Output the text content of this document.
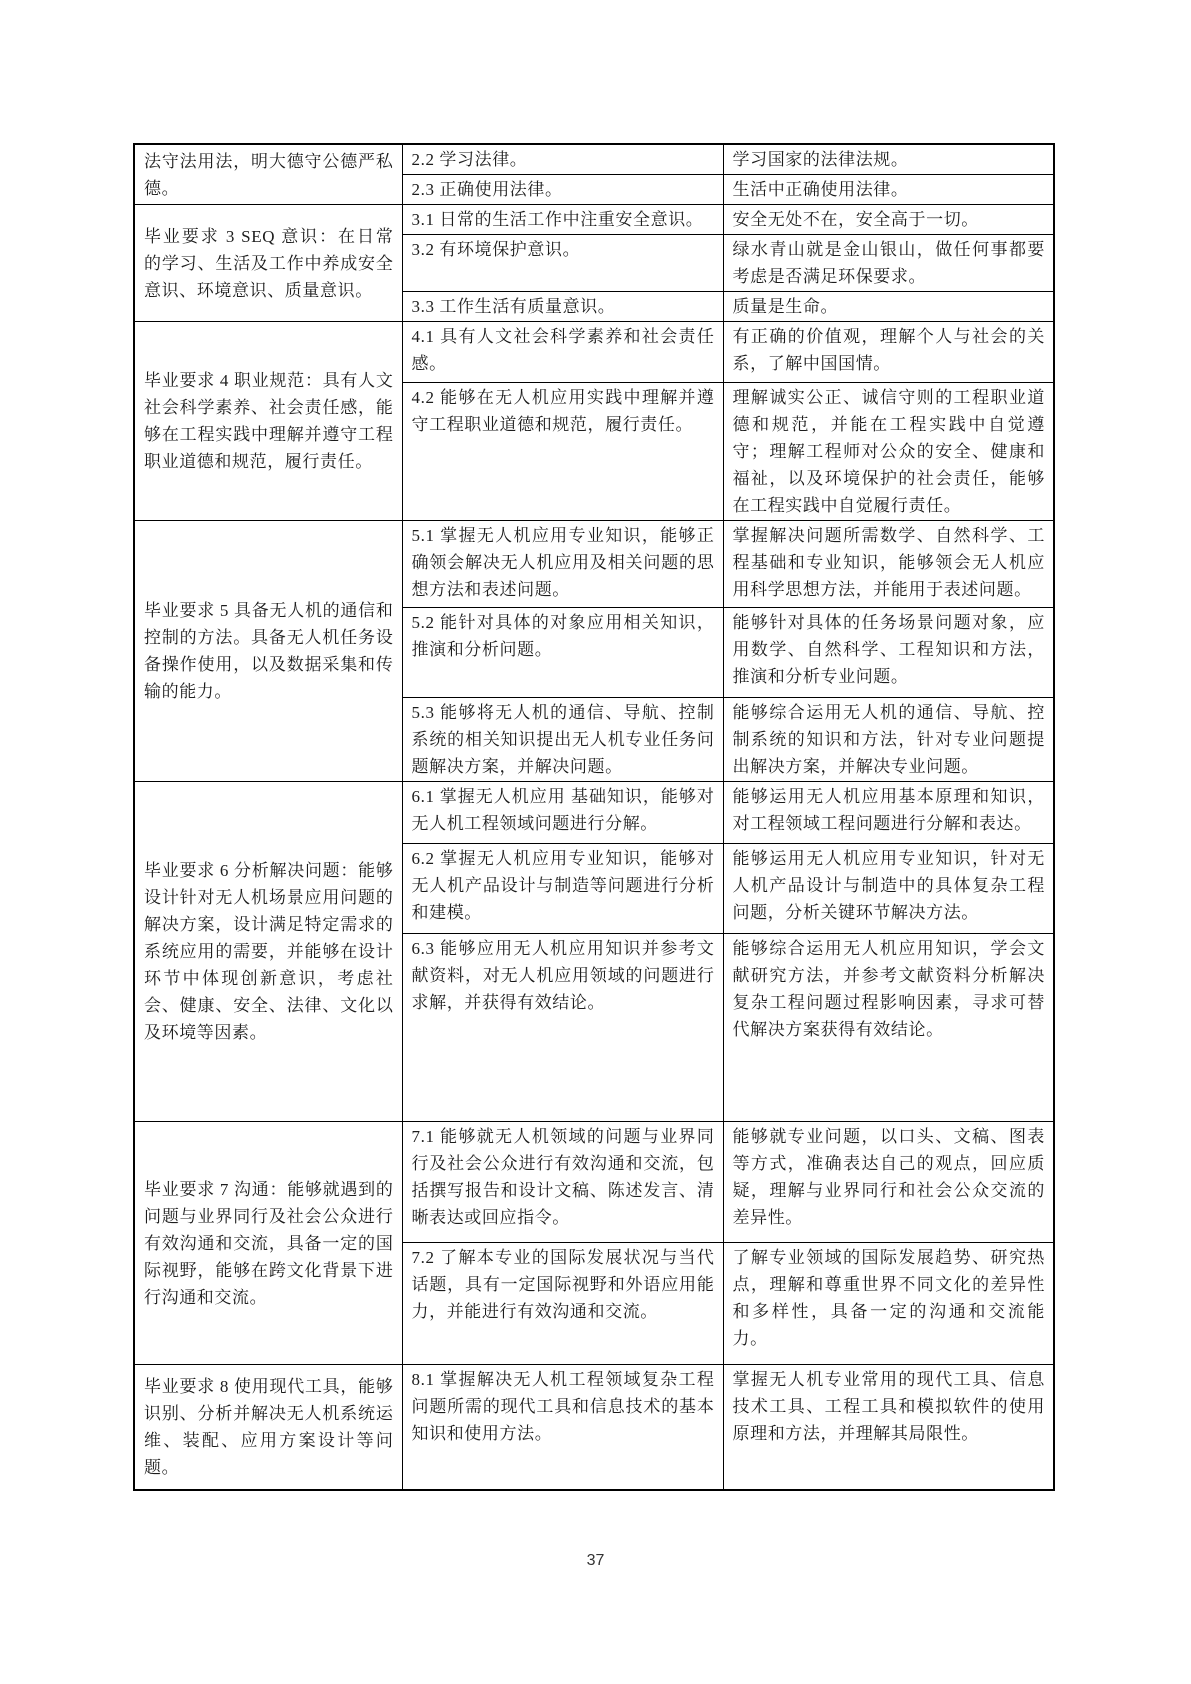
法守法用法，明大德守公德严私德。	2.2 学习法律。	学习国家的法律法规。
	2.3 正确使用法律。	生活中正确使用法律。
毕业要求 3 SEQ 意识：在日常的学习、生活及工作中养成安全意识、环境意识、质量意识。	3.1 日常的生活工作中注重安全意识。	安全无处不在，安全高于一切。
	3.2 有环境保护意识。	绿水青山就是金山银山，做任何事都要考虑是否满足环保要求。
	3.3 工作生活有质量意识。	质量是生命。
毕业要求 4 职业规范：具有人文社会科学素养、社会责任感，能够在工程实践中理解并遵守工程职业道德和规范，履行责任。	4.1 具有人文社会科学素养和社会责任感。	有正确的价值观，理解个人与社会的关系，了解中国国情。
	4.2 能够在无人机应用实践中理解并遵守工程职业道德和规范，履行责任。	理解诚实公正、诚信守则的工程职业道德和规范，并能在工程实践中自觉遵守；理解工程师对公众的安全、健康和福祉，以及环境保护的社会责任，能够在工程实践中自觉履行责任。
毕业要求 5 具备无人机的通信和控制的方法。具备无人机任务设备操作使用，以及数据采集和传输的能力。	5.1 掌握无人机应用专业知识，能够正确领会解决无人机应用及相关问题的思想方法和表述问题。	掌握解决问题所需数学、自然科学、工程基础和专业知识，能够领会无人机应用科学思想方法，并能用于表述问题。
	5.2 能针对具体的对象应用相关知识，推演和分析问题。	能够针对具体的任务场景问题对象，应用数学、自然科学、工程知识和方法，推演和分析专业问题。
	5.3 能够将无人机的通信、导航、控制系统的相关知识提出无人机专业任务问题解决方案，并解决问题。	能够综合运用无人机的通信、导航、控制系统的知识和方法，针对专业问题提出解决方案，并解决专业问题。
毕业要求 6 分析解决问题：能够设计针对无人机场景应用问题的解决方案，设计满足特定需求的系统应用的需要，并能够在设计环节中体现创新意识，考虑社会、健康、安全、法律、文化以及环境等因素。	6.1 掌握无人机应用 基础知识，能够对无人机工程领域问题进行分解。	能够运用无人机应用基本原理和知识，对工程领域工程问题进行分解和表达。
	6.2 掌握无人机应用专业知识，能够对无人机产品设计与制造等问题进行分析和建模。	能够运用无人机应用专业知识，针对无人机产品设计与制造中的具体复杂工程问题，分析关键环节解决方法。
	6.3 能够应用无人机应用知识并参考文献资料，对无人机应用领域的问题进行求解，并获得有效结论。	能够综合运用无人机应用知识，学会文献研究方法，并参考文献资料分析解决复杂工程问题过程影响因素，寻求可替代解决方案获得有效结论。
毕业要求 7 沟通：能够就遇到的问题与业界同行及社会公众进行有效沟通和交流，具备一定的国际视野，能够在跨文化背景下进行沟通和交流。	7.1 能够就无人机领域的问题与业界同行及社会公众进行有效沟通和交流，包括撰写报告和设计文稿、陈述发言、清晰表达或回应指令。	能够就专业问题，以口头、文稿、图表等方式，准确表达自己的观点，回应质疑，理解与业界同行和社会公众交流的差异性。
	7.2 了解本专业的国际发展状况与当代话题，具有一定国际视野和外语应用能力，并能进行有效沟通和交流。	了解专业领域的国际发展趋势、研究热点，理解和尊重世界不同文化的差异性和多样性，具备一定的沟通和交流能力。
毕业要求 8 使用现代工具，能够识别、分析并解决无人机系统运维、装配、应用方案设计等问题。	8.1 掌握解决无人机工程领域复杂工程问题所需的现代工具和信息技术的基本知识和使用方法。	掌握无人机专业常用的现代工具、信息技术工具、工程工具和模拟软件的使用原理和方法，并理解其局限性。
37
